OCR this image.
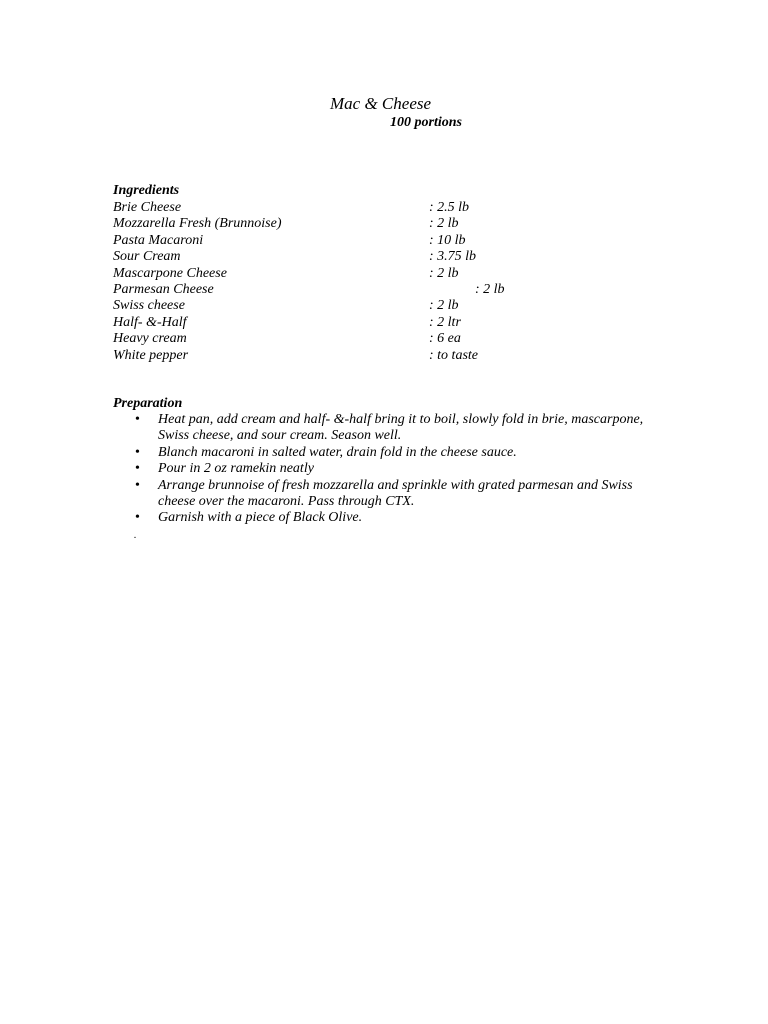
Mac & Cheese
100 portions
Ingredients
Brie Cheese	: 2.5 lb
Mozzarella Fresh (Brunnoise)	: 2 lb
Pasta Macaroni	: 10 lb
Sour Cream	: 3.75 lb
Mascarpone Cheese	: 2 lb
Parmesan Cheese	: 2 lb
Swiss cheese	: 2 lb
Half- &-Half	: 2 ltr
Heavy cream	: 6 ea
White pepper	: to taste
Preparation
• Heat pan, add cream and half- &-half bring it to boil, slowly fold in brie, mascarpone, Swiss cheese, and sour cream. Season well.
• Blanch macaroni in salted water, drain fold in the cheese sauce.
• Pour in 2 oz ramekin neatly
• Arrange brunnoise of fresh mozzarella and sprinkle with grated parmesan and Swiss cheese over the macaroni. Pass through CTX.
• Garnish with a piece of Black Olive.
.
